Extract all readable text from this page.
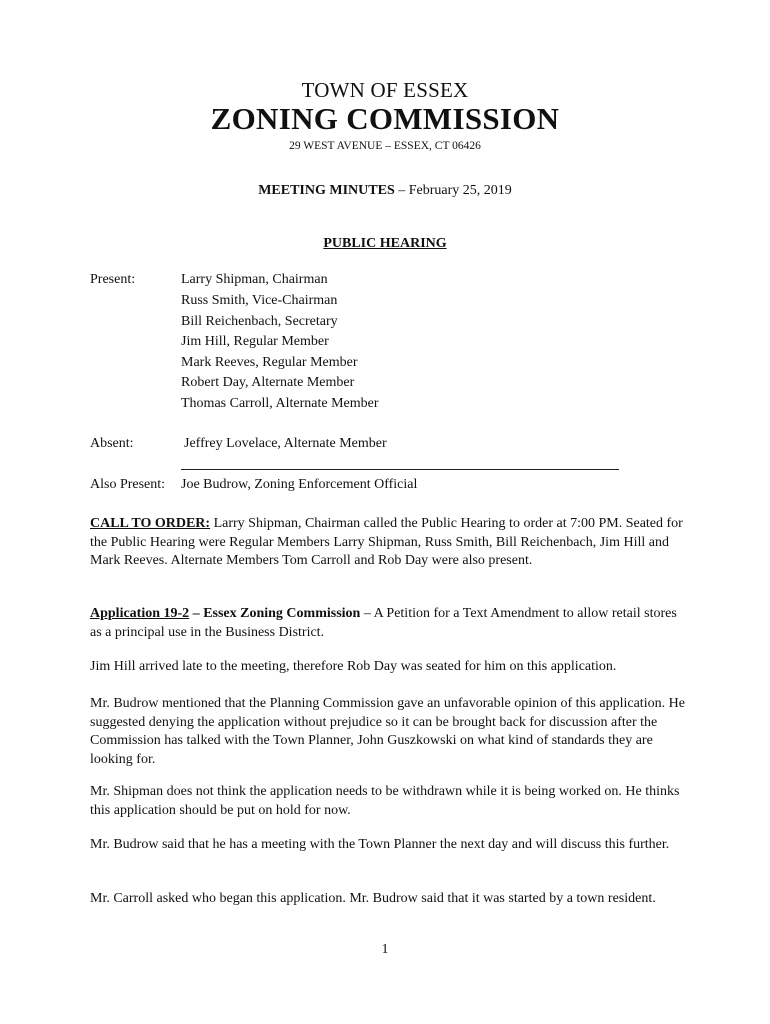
TOWN OF ESSEX
ZONING COMMISSION
29 WEST AVENUE – ESSEX, CT 06426
MEETING MINUTES – February 25, 2019
PUBLIC HEARING
Present:	Larry Shipman, Chairman
Russ Smith, Vice-Chairman
Bill Reichenbach, Secretary
Jim Hill, Regular Member
Mark Reeves, Regular Member
Robert Day, Alternate Member
Thomas Carroll, Alternate Member
Absent:	Jeffrey Lovelace, Alternate Member
Also Present: Joe Budrow, Zoning Enforcement Official
CALL TO ORDER: Larry Shipman, Chairman called the Public Hearing to order at 7:00 PM. Seated for the Public Hearing were Regular Members Larry Shipman, Russ Smith, Bill Reichenbach, Jim Hill and Mark Reeves. Alternate Members Tom Carroll and Rob Day were also present.
Application 19-2 – Essex Zoning Commission – A Petition for a Text Amendment to allow retail stores as a principal use in the Business District.
Jim Hill arrived late to the meeting, therefore Rob Day was seated for him on this application.
Mr. Budrow mentioned that the Planning Commission gave an unfavorable opinion of this application. He suggested denying the application without prejudice so it can be brought back for discussion after the Commission has talked with the Town Planner, John Guszkowski on what kind of standards they are looking for.
Mr. Shipman does not think the application needs to be withdrawn while it is being worked on. He thinks this application should be put on hold for now.
Mr. Budrow said that he has a meeting with the Town Planner the next day and will discuss this further.
Mr. Carroll asked who began this application. Mr. Budrow said that it was started by a town resident.
1
